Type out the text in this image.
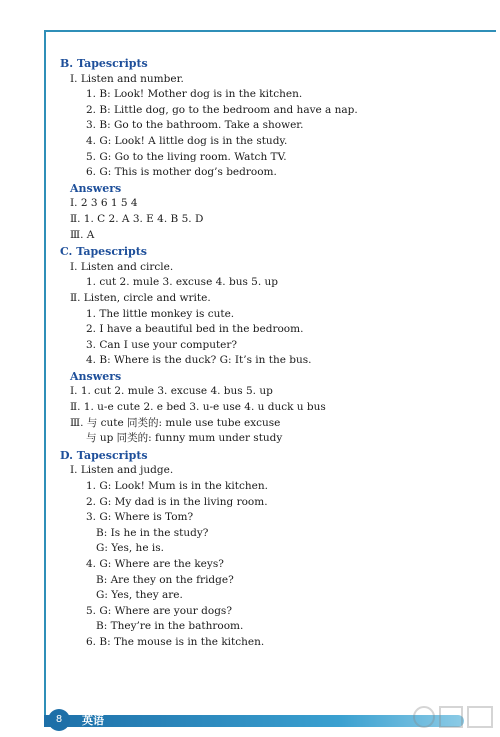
B. Tapescripts
Ⅰ. Listen and number.
1. B: Look! Mother dog is in the kitchen.
2. B: Little dog, go to the bedroom and have a nap.
3. B: Go to the bathroom. Take a shower.
4. G: Look! A little dog is in the study.
5. G: Go to the living room. Watch TV.
6. G: This is mother dog’s bedroom.
Answers
Ⅰ. 2 3 6 1 5 4
Ⅱ. 1. C 2. A 3. E 4. B 5. D
Ⅲ. A
C. Tapescripts
Ⅰ. Listen and circle.
1. cut 2. mule 3. excuse 4. bus 5. up
Ⅱ. Listen, circle and write.
1. The little monkey is cute.
2. I have a beautiful bed in the bedroom.
3. Can I use your computer?
4. B: Where is the duck? G: It’s in the bus.
Answers
Ⅰ. 1. cut 2. mule 3. excuse 4. bus 5. up
Ⅱ. 1. u-e cute 2. e bed 3. u-e use 4. u duck u bus
Ⅲ. 与 cute 同类的: mule use tube excuse
与 up 同类的: funny mum under study
D. Tapescripts
Ⅰ. Listen and judge.
1. G: Look! Mum is in the kitchen.
2. G: My dad is in the living room.
3. G: Where is Tom?
B: Is he in the study?
G: Yes, he is.
4. G: Where are the keys?
B: Are they on the fridge?
G: Yes, they are.
5. G: Where are your dogs?
B: They’re in the bathroom.
6. B: The mouse is in the kitchen.
8	英语
